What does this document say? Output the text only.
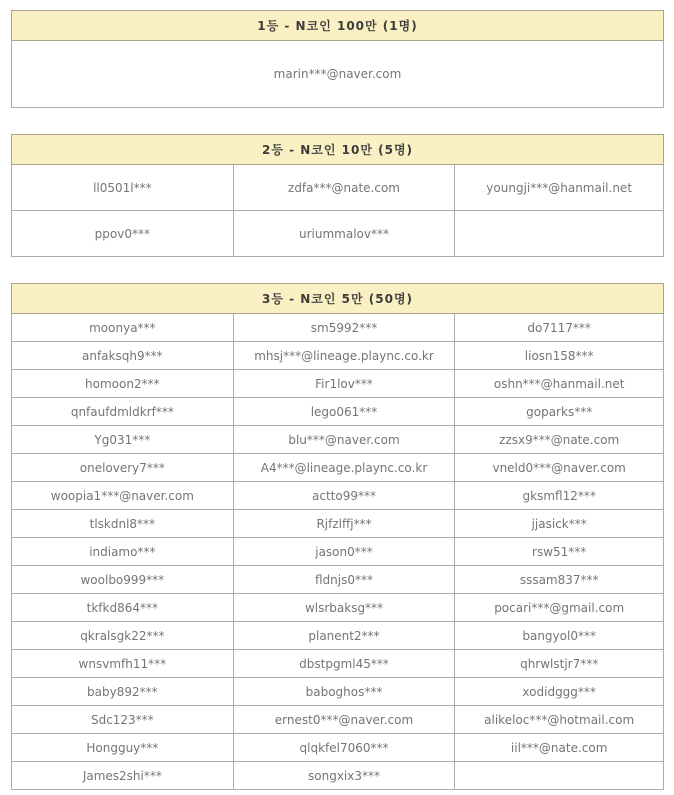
1등 - N코인 100만 (1명)
marin***@naver.com
2등 - N코인 10만 (5명)		
ll0501l***	zdfa***@nate.com	youngji***@hanmail.net
ppov0***	uriummalov***	
3등 - N코인 5만 (50명)		
moonya***	sm5992***	do7117***
anfaksqh9***	mhsj***@lineage.plaync.co.kr	liosn158***
homoon2***	Fir1lov***	oshn***@hanmail.net
qnfaufdmldkrf***	lego061***	goparks***
Yg031***	blu***@naver.com	zzsx9***@nate.com
onelovery7***	A4***@lineage.plaync.co.kr	vneld0***@naver.com
woopia1***@naver.com	actto99***	gksmfl12***
tlskdnl8***	Rjfzlffj***	jjasick***
indiamo***	jason0***	rsw51***
woolbo999***	fldnjs0***	sssam837***
tkfkd864***	wlsrbaksg***	pocari***@gmail.com
qkralsgk22***	planent2***	bangyol0***
wnsvmfh11***	dbstpgml45***	qhrwlstjr7***
baby892***	baboghos***	xodidggg***
Sdc123***	ernest0***@naver.com	alikeloc***@hotmail.com
Hongguy***	qlqkfel7060***	iil***@nate.com
James2shi***	songxix3***	
